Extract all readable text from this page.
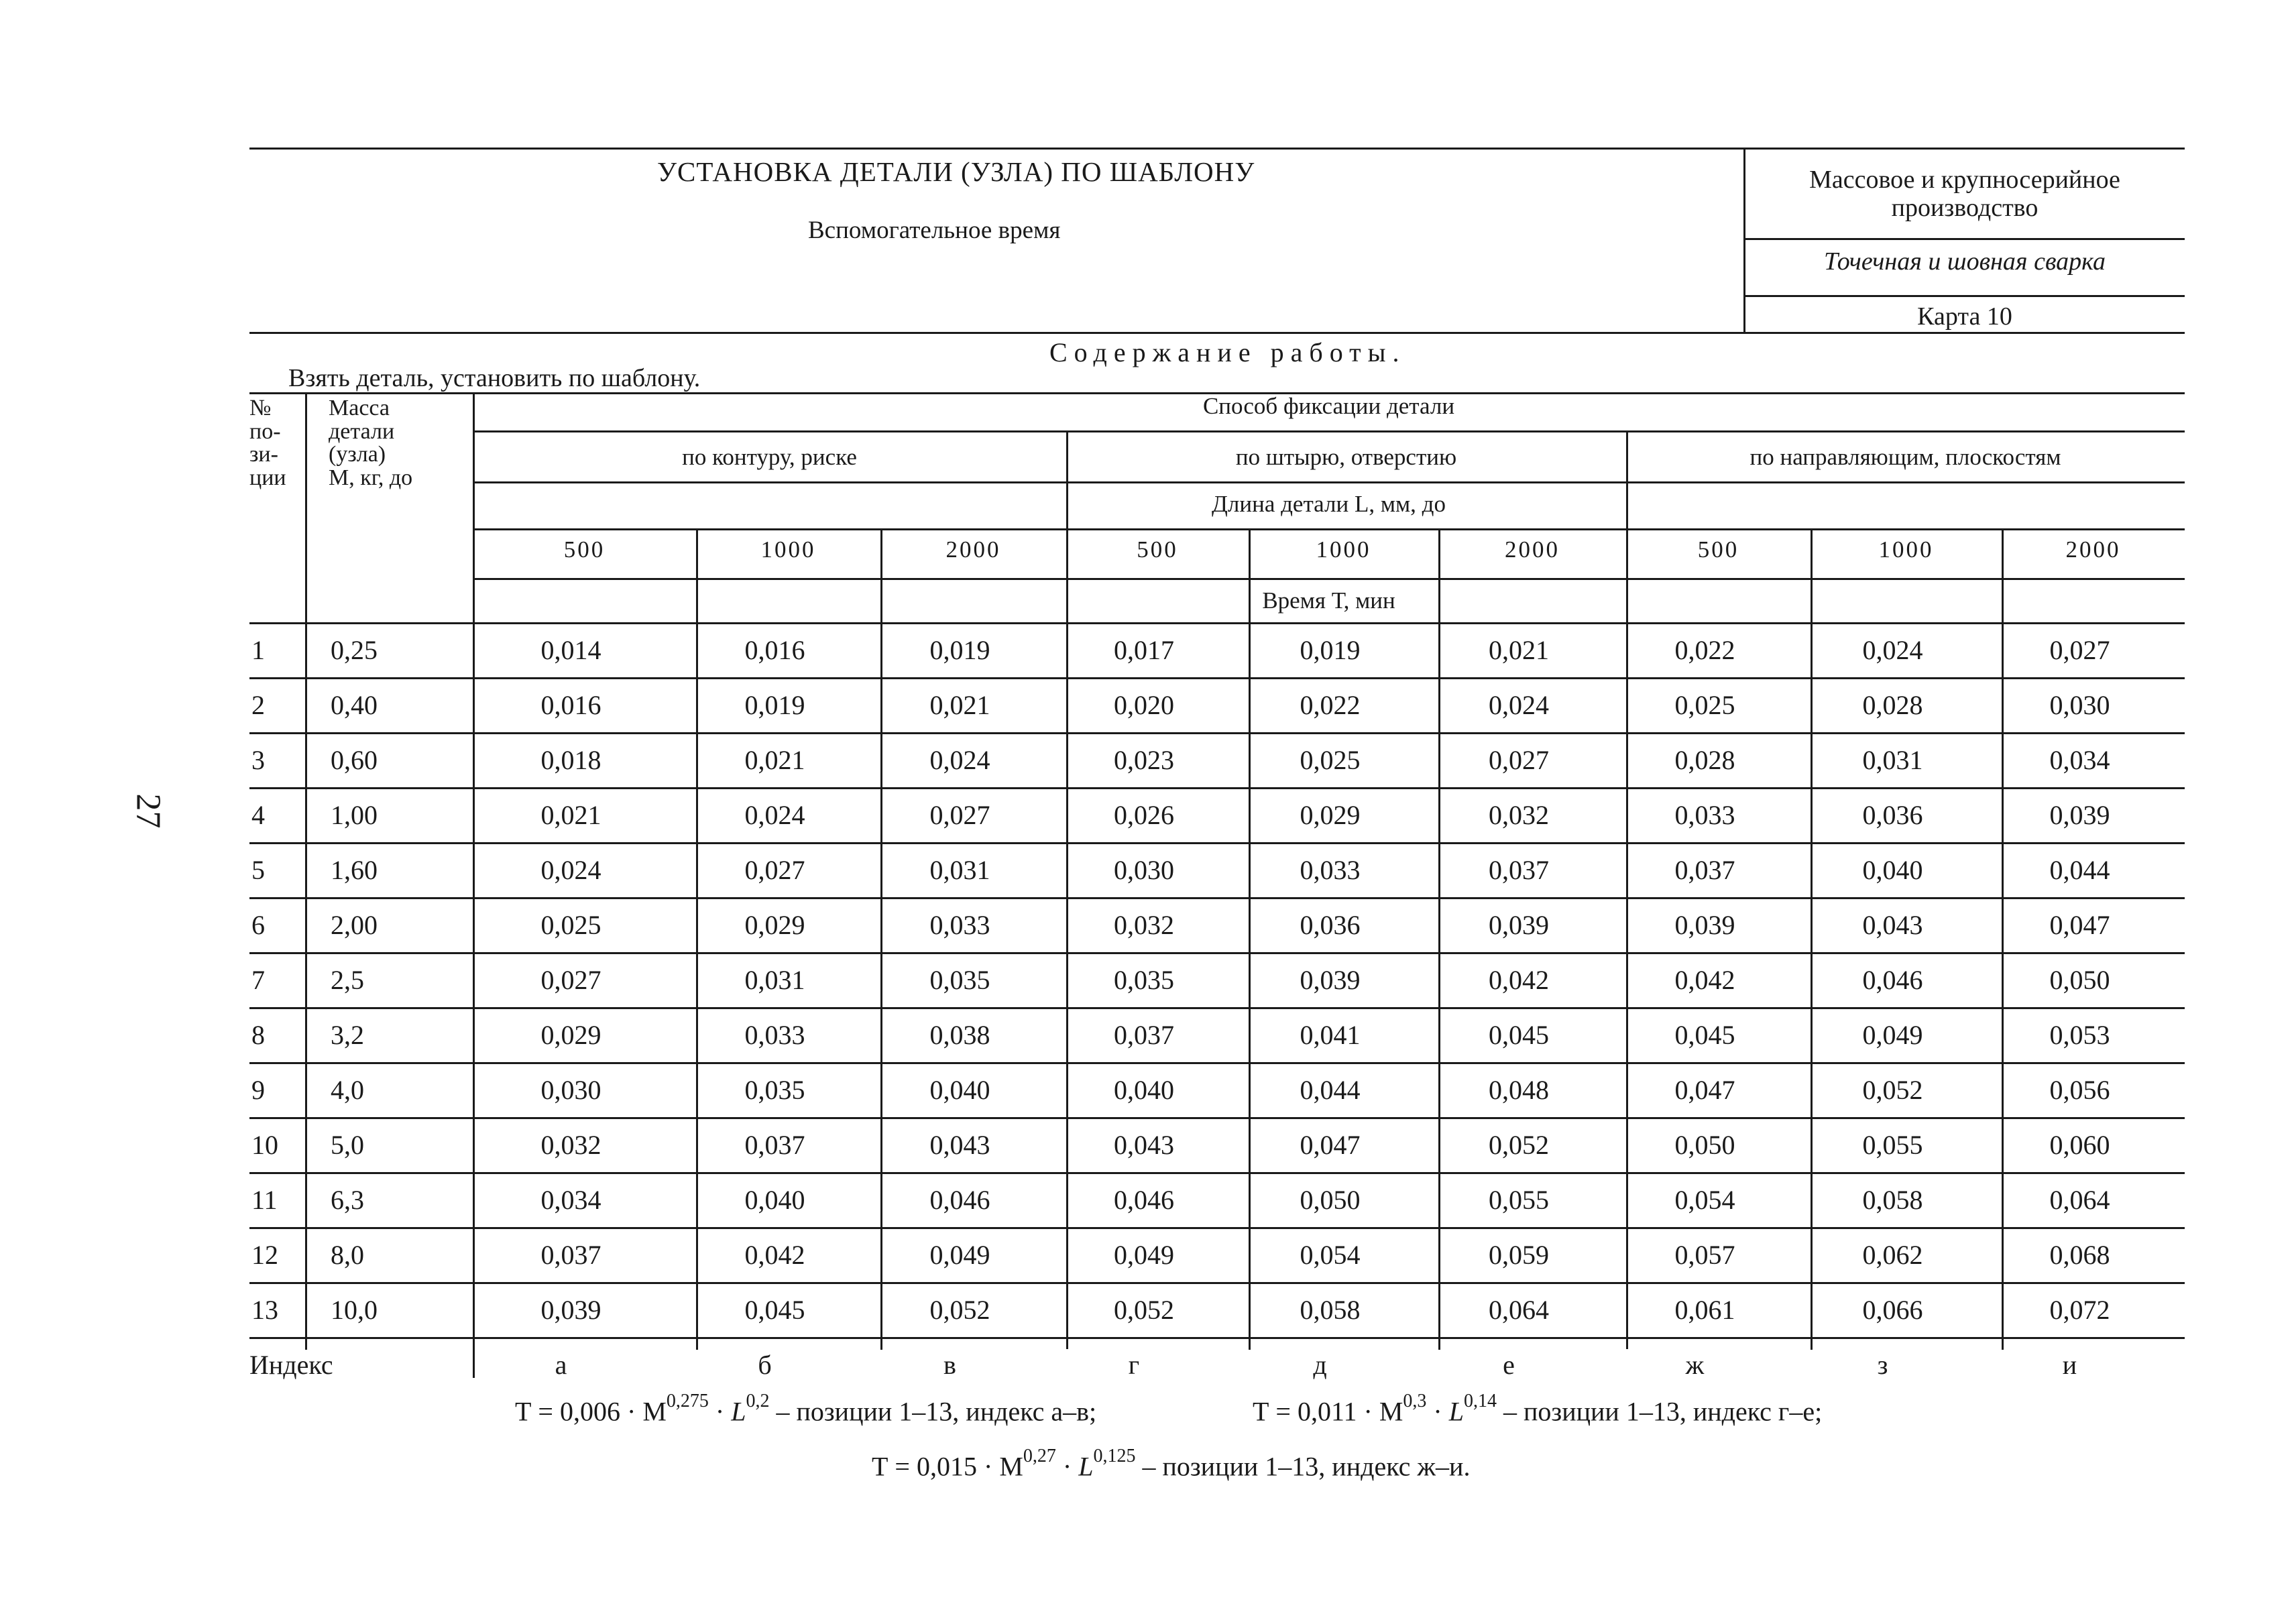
27
УСТАНОВКА ДЕТАЛИ (УЗЛА) ПО ШАБЛОНУ
Вспомогательное время
Массовое и крупносерийное производство
Точечная и шовная сварка
Карта 10
Содержание работы.
Взять деталь, установить по шаблону.
№
по-
зи-
ции
Масса
детали
(узла)
М, кг, до
Способ фиксации детали
по контуру, риске	по штырю, отверстию	по направляющим, плоскостям
Длина детали L, мм, до
Время Т, мин
500	1000	2000	500	1000	2000	500	1000	2000
1 0,25	0,014	0,016	0,019	0,017	0,019	0,021	0,022	0,024	0,027
2 0,40	0,016	0,019	0,021	0,020	0,022	0,024	0,025	0,028	0,030
3 0,60	0,018	0,021	0,024	0,023	0,025	0,027	0,028	0,031	0,034
4 1,00	0,021	0,024	0,027	0,026	0,029	0,032	0,033	0,036	0,039
5 1,60	0,024	0,027	0,031	0,030	0,033	0,037	0,037	0,040	0,044
6 2,00	0,025	0,029	0,033	0,032	0,036	0,039	0,039	0,043	0,047
7 2,5	0,027	0,031	0,035	0,035	0,039	0,042	0,042	0,046	0,050
8 3,2	0,029	0,033	0,038	0,037	0,041	0,045	0,045	0,049	0,053
9 4,0	0,030	0,035	0,040	0,040	0,044	0,048	0,047	0,052	0,056
10 5,0	0,032	0,037	0,043	0,043	0,047	0,052	0,050	0,055	0,060
11 6,3	0,034	0,040	0,046	0,046	0,050	0,055	0,054	0,058	0,064
12 8,0	0,037	0,042	0,049	0,049	0,054	0,059	0,057	0,062	0,068
13 10,0	0,039	0,045	0,052	0,052	0,058	0,064	0,061	0,066	0,072
Индекс	а	б	в	г	д	е	ж	з	и
Т = 0,006 · М$^{0,275}$ · L$^{0,2}$ – позиции 1–13, индекс а–в;	Т = 0,011 · М$^{0,3}$ · L$^{0,14}$ – позиции 1–13, индекс г–е;
Т = 0,015 · М$^{0,27}$ · L$^{0,125}$ – позиции 1–13, индекс ж–и.
